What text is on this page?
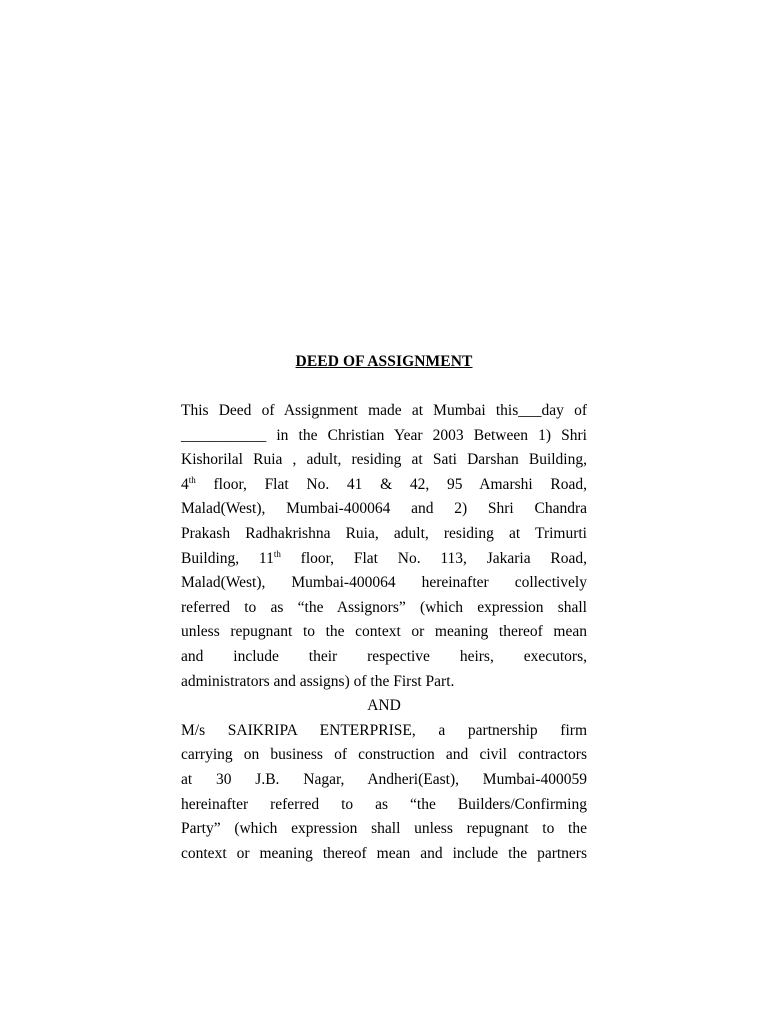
DEED OF ASSIGNMENT
This Deed of Assignment made at Mumbai this___day of
___________ in the Christian Year 2003 Between 1) Shri
Kishorilal Ruia , adult, residing at Sati Darshan Building,
4th floor, Flat No. 41 & 42, 95 Amarshi Road,
Malad(West), Mumbai-400064 and 2) Shri Chandra
Prakash Radhakrishna Ruia, adult, residing at Trimurti
Building, 11th floor, Flat No. 113, Jakaria Road,
Malad(West), Mumbai-400064 hereinafter collectively
referred to as “the Assignors” (which expression shall
unless repugnant to the context or meaning thereof mean
and include their respective heirs, executors,
administrators and assigns) of the First Part.
AND
M/s SAIKRIPA ENTERPRISE, a partnership firm
carrying on business of construction and civil contractors
at 30 J.B. Nagar, Andheri(East), Mumbai-400059
hereinafter referred to as “the Builders/Confirming
Party” (which expression shall unless repugnant to the
context or meaning thereof mean and include the partners
